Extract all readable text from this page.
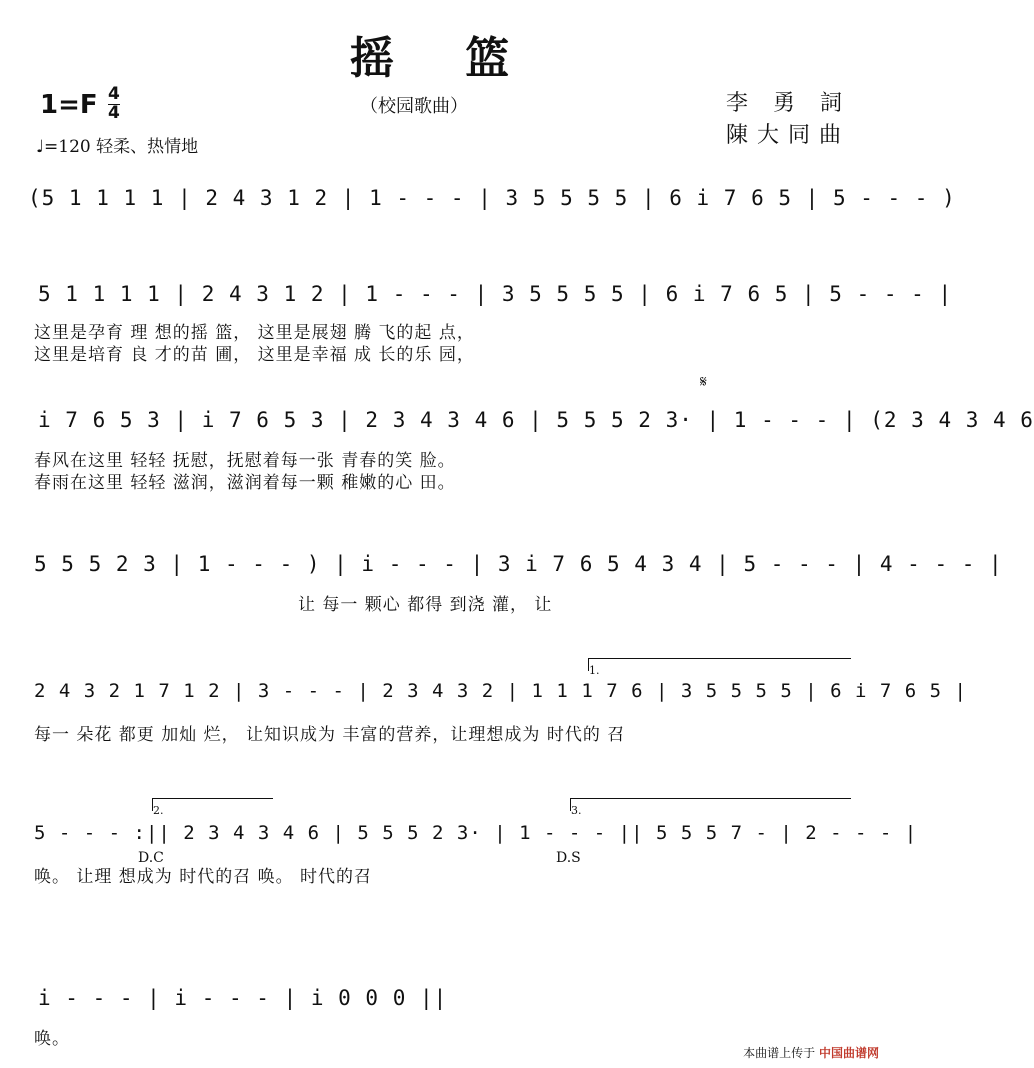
摇 篮
（校园歌曲）
1=F 4
4
♩=120 轻柔、热情地
李 勇 詞
陳大同曲
(5 1 1 1 1 | 2 4 3 1 2 | 1 - - - | 3 5 5 5 5 | 6 i 7 6 5 | 5 - - - )
5 1 1 1 1 | 2 4 3 1 2 | 1 - - - | 3 5 5 5 5 | 6 i 7 6 5 | 5 - - - |
这里是孕育 理 想的摇 篮， 这里是展翅 腾 飞的起 点，
这里是培育 良 才的苗 圃， 这里是幸福 成 长的乐 园，
𝄋
i 7 6 5 3 | i 7 6 5 3 | 2 3 4 3 4 6 | 5 5 5 2 3· | 1 - - - | (2 3 4 3 4 6
春风在这里 轻轻 抚慰，抚慰着每一张 青春的笑 脸。
春雨在这里 轻轻 滋润，滋润着每一颗 稚嫩的心 田。
5 5 5 2 3 | 1 - - - ) | i - - - | 3 i 7 6 5 4 3 4 | 5 - - - | 4 - - - |
让 每一 颗心 都得 到浇 灌， 让
1.
2 4 3 2 1 7 1 2 | 3 - - - | 2 3 4 3 2 | 1 1 1 7 6 | 3 5 5 5 5 | 6 i 7 6 5 |
每一 朵花 都更 加灿 烂， 让知识成为 丰富的营养，让理想成为 时代的 召
2.	3.
5 - - - :|| 2 3 4 3 4 6 | 5 5 5 2 3· | 1 - - - || 5 5 5 7 - | 2 - - - |
D.C	D.S
唤。 让理 想成为 时代的召 唤。 时代的召
i - - - | i - - - | i 0 0 0 ||
唤。
本曲谱上传于 中国曲谱网
